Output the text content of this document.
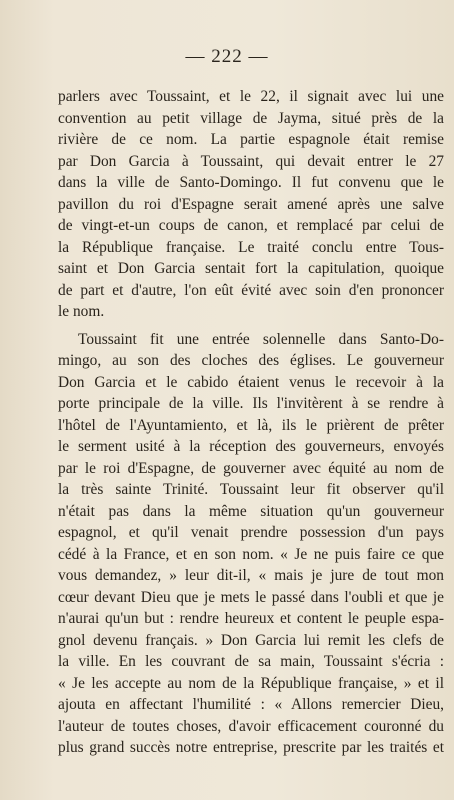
— 222 —
parlers avec Toussaint, et le 22, il signait avec lui une
convention au petit village de Jayma, situé près de la
rivière de ce nom. La partie espagnole était remise
par Don Garcia à Toussaint, qui devait entrer le 27
dans la ville de Santo-Domingo. Il fut convenu que le
pavillon du roi d'Espagne serait amené après une salve
de vingt-et-un coups de canon, et remplacé par celui de
la République française. Le traité conclu entre Tous-
saint et Don Garcia sentait fort la capitulation, quoique
de part et d'autre, l'on eût évité avec soin d'en prononcer
le nom.
Toussaint fit une entrée solennelle dans Santo-Do-
mingo, au son des cloches des églises. Le gouverneur
Don Garcia et le cabido étaient venus le recevoir à la
porte principale de la ville. Ils l'invitèrent à se rendre à
l'hôtel de l'Ayuntamiento, et là, ils le prièrent de prêter
le serment usité à la réception des gouverneurs, envoyés
par le roi d'Espagne, de gouverner avec équité au nom de
la très sainte Trinité. Toussaint leur fit observer qu'il
n'était pas dans la même situation qu'un gouverneur
espagnol, et qu'il venait prendre possession d'un pays
cédé à la France, et en son nom. « Je ne puis faire ce que
vous demandez, » leur dit-il, « mais je jure de tout mon
cœur devant Dieu que je mets le passé dans l'oubli et que je
n'aurai qu'un but : rendre heureux et content le peuple espa-
gnol devenu français. » Don Garcia lui remit les clefs de
la ville. En les couvrant de sa main, Toussaint s'écria :
« Je les accepte au nom de la République française, » et il
ajouta en affectant l'humilité : « Allons remercier Dieu,
l'auteur de toutes choses, d'avoir efficacement couronné du
plus grand succès notre entreprise, prescrite par les traités et
